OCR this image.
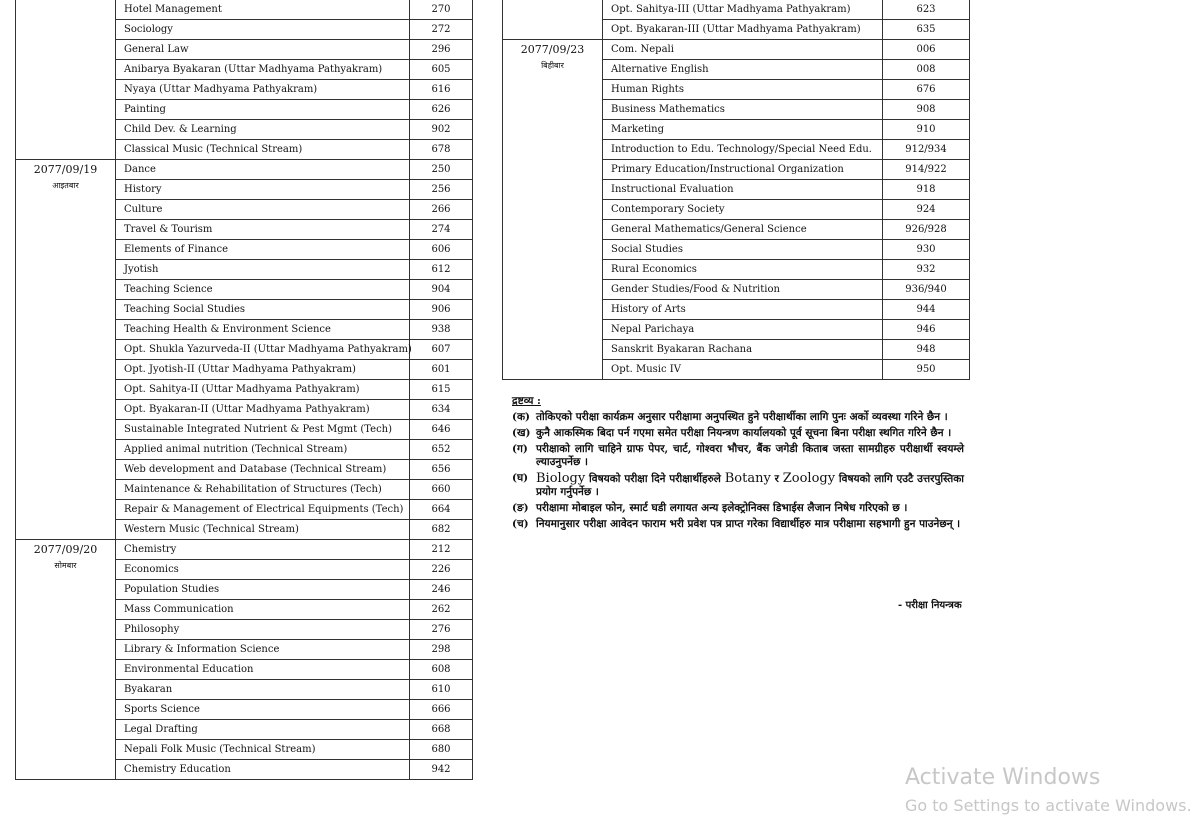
	Hotel Management	270
	Sociology	272
	General Law	296
	Anibarya Byakaran (Uttar Madhyama Pathyakram)	605
	Nyaya (Uttar Madhyama Pathyakram)	616
	Painting	626
	Child Dev. & Learning	902
	Classical Music (Technical Stream)	678
2077/09/19
आइतबार	Dance	250
	History	256
	Culture	266
	Travel & Tourism	274
	Elements of Finance	606
	Jyotish	612
	Teaching Science	904
	Teaching Social Studies	906
	Teaching Health & Environment Science	938
	Opt. Shukla Yazurveda-II (Uttar Madhyama Pathyakram)	607
	Opt. Jyotish-II (Uttar Madhyama Pathyakram)	601
	Opt. Sahitya-II (Uttar Madhyama Pathyakram)	615
	Opt. Byakaran-II (Uttar Madhyama Pathyakram)	634
	Sustainable Integrated Nutrient & Pest Mgmt (Tech)	646
	Applied animal nutrition (Technical Stream)	652
	Web development and Database (Technical Stream)	656
	Maintenance & Rehabilitation of Structures (Tech)	660
	Repair & Management of Electrical Equipments (Tech)	664
	Western Music (Technical Stream)	682
2077/09/20
सोमबार	Chemistry	212
	Economics	226
	Population Studies	246
	Mass Communication	262
	Philosophy	276
	Library & Information Science	298
	Environmental Education	608
	Byakaran	610
	Sports Science	666
	Legal Drafting	668
	Nepali Folk Music (Technical Stream)	680
	Chemistry Education	942
	Opt. Sahitya-III (Uttar Madhyama Pathyakram)	623
	Opt. Byakaran-III (Uttar Madhyama Pathyakram)	635
2077/09/23
बिहीबार	Com. Nepali	006
	Alternative English	008
	Human Rights	676
	Business Mathematics	908
	Marketing	910
	Introduction to Edu. Technology/Special Need Edu.	912/934
	Primary Education/Instructional Organization	914/922
	Instructional Evaluation	918
	Contemporary Society	924
	General Mathematics/General Science	926/928
	Social Studies	930
	Rural Economics	932
	Gender Studies/Food & Nutrition	936/940
	History of Arts	944
	Nepal Parichaya	946
	Sanskrit Byakaran Rachana	948
	Opt. Music IV	950
द्रष्टव्य :
(क) तोकिएको परीक्षा कार्यक्रम अनुसार परीक्षामा अनुपस्थित हुने परीक्षार्थीका लागि पुनः अर्को व्यवस्था गरिने छैन ।
(ख) कुनै आकस्मिक बिदा पर्न गएमा समेत परीक्षा नियन्त्रण कार्यालयको पूर्व सूचना बिना परीक्षा स्थगित गरिने छैन ।
(ग) परीक्षाको लागि चाहिने ग्राफ पेपर, चार्ट, गोश्वरा भौचर, बैंक जगेडी किताब जस्ता सामग्रीहरु परीक्षार्थी स्वयम्ले ल्याउनुपर्नेछ ।
(घ) Biology विषयको परीक्षा दिने परीक्षार्थीहरुले Botany र Zoology विषयको लागि एउटै उत्तरपुस्तिका प्रयोग गर्नुपर्नेछ ।
(ङ) परीक्षामा मोबाइल फोन, स्मार्ट घडी लगायत अन्य इलेक्ट्रोनिक्स डिभाईस लैजान निषेध गरिएको छ ।
(च) नियमानुसार परीक्षा आवेदन फाराम भरी प्रवेश पत्र प्राप्त गरेका विद्यार्थीहरु मात्र परीक्षामा सहभागी हुन पाउनेछन् ।
- परीक्षा नियन्त्रक
Activate Windows
Go to Settings to activate Windows.
